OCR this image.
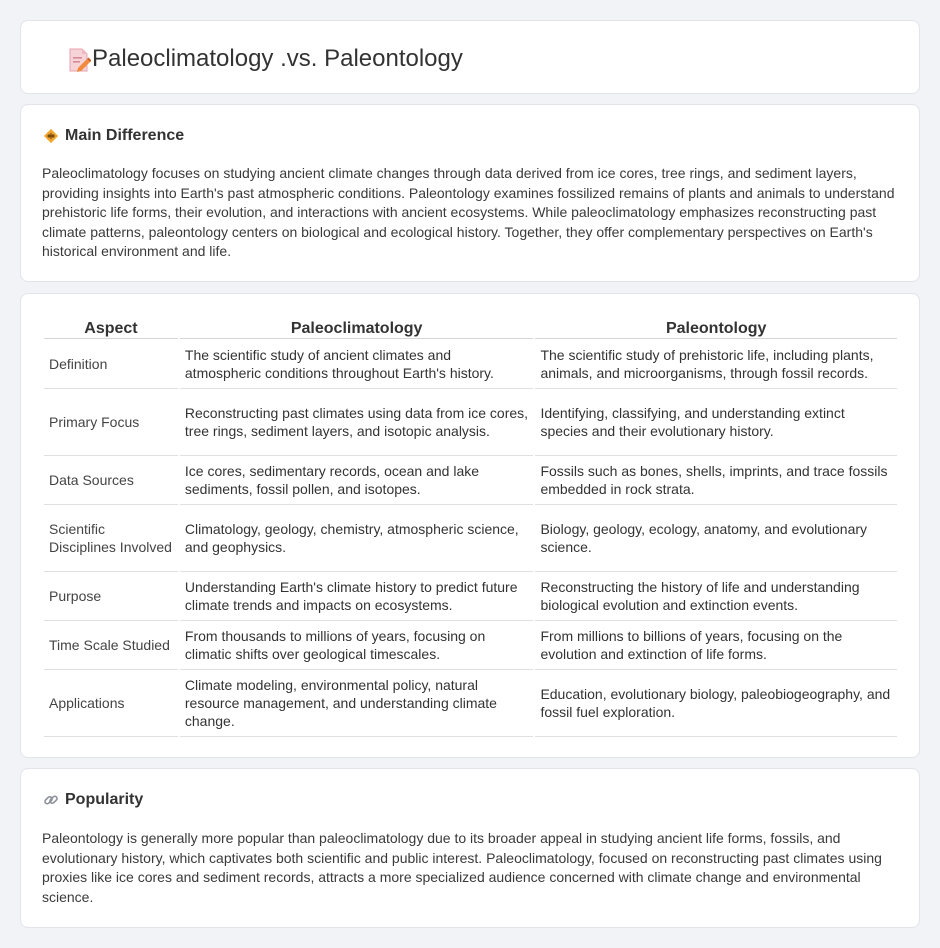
Paleoclimatology .vs. Paleontology
Main Difference

Paleoclimatology focuses on studying ancient climate changes through data derived from ice cores, tree rings, and sediment layers, providing insights into Earth's past atmospheric conditions. Paleontology examines fossilized remains of plants and animals to understand prehistoric life forms, their evolution, and interactions with ancient ecosystems. While paleoclimatology emphasizes reconstructing past climate patterns, paleontology centers on biological and ecological history. Together, they offer complementary perspectives on Earth's historical environment and life.

Aspect	Paleoclimatology	Paleontology
Definition	The scientific study of ancient climates and atmospheric conditions throughout Earth's history.	The scientific study of prehistoric life, including plants, animals, and microorganisms, through fossil records.
Primary Focus	Reconstructing past climates using data from ice cores, tree rings, sediment layers, and isotopic analysis.	Identifying, classifying, and understanding extinct species and their evolutionary history.
Data Sources	Ice cores, sedimentary records, ocean and lake sediments, fossil pollen, and isotopes.	Fossils such as bones, shells, imprints, and trace fossils embedded in rock strata.
Scientific Disciplines Involved	Climatology, geology, chemistry, atmospheric science, and geophysics.	Biology, geology, ecology, anatomy, and evolutionary science.
Purpose	Understanding Earth's climate history to predict future climate trends and impacts on ecosystems.	Reconstructing the history of life and understanding biological evolution and extinction events.
Time Scale Studied	From thousands to millions of years, focusing on climatic shifts over geological timescales.	From millions to billions of years, focusing on the evolution and extinction of life forms.
Applications	Climate modeling, environmental policy, natural resource management, and understanding climate change.	Education, evolutionary biology, paleobiogeography, and fossil fuel exploration.
Popularity

Paleontology is generally more popular than paleoclimatology due to its broader appeal in studying ancient life forms, fossils, and evolutionary history, which captivates both scientific and public interest. Paleoclimatology, focused on reconstructing past climates using proxies like ice cores and sediment records, attracts a more specialized audience concerned with climate change and environmental science.
